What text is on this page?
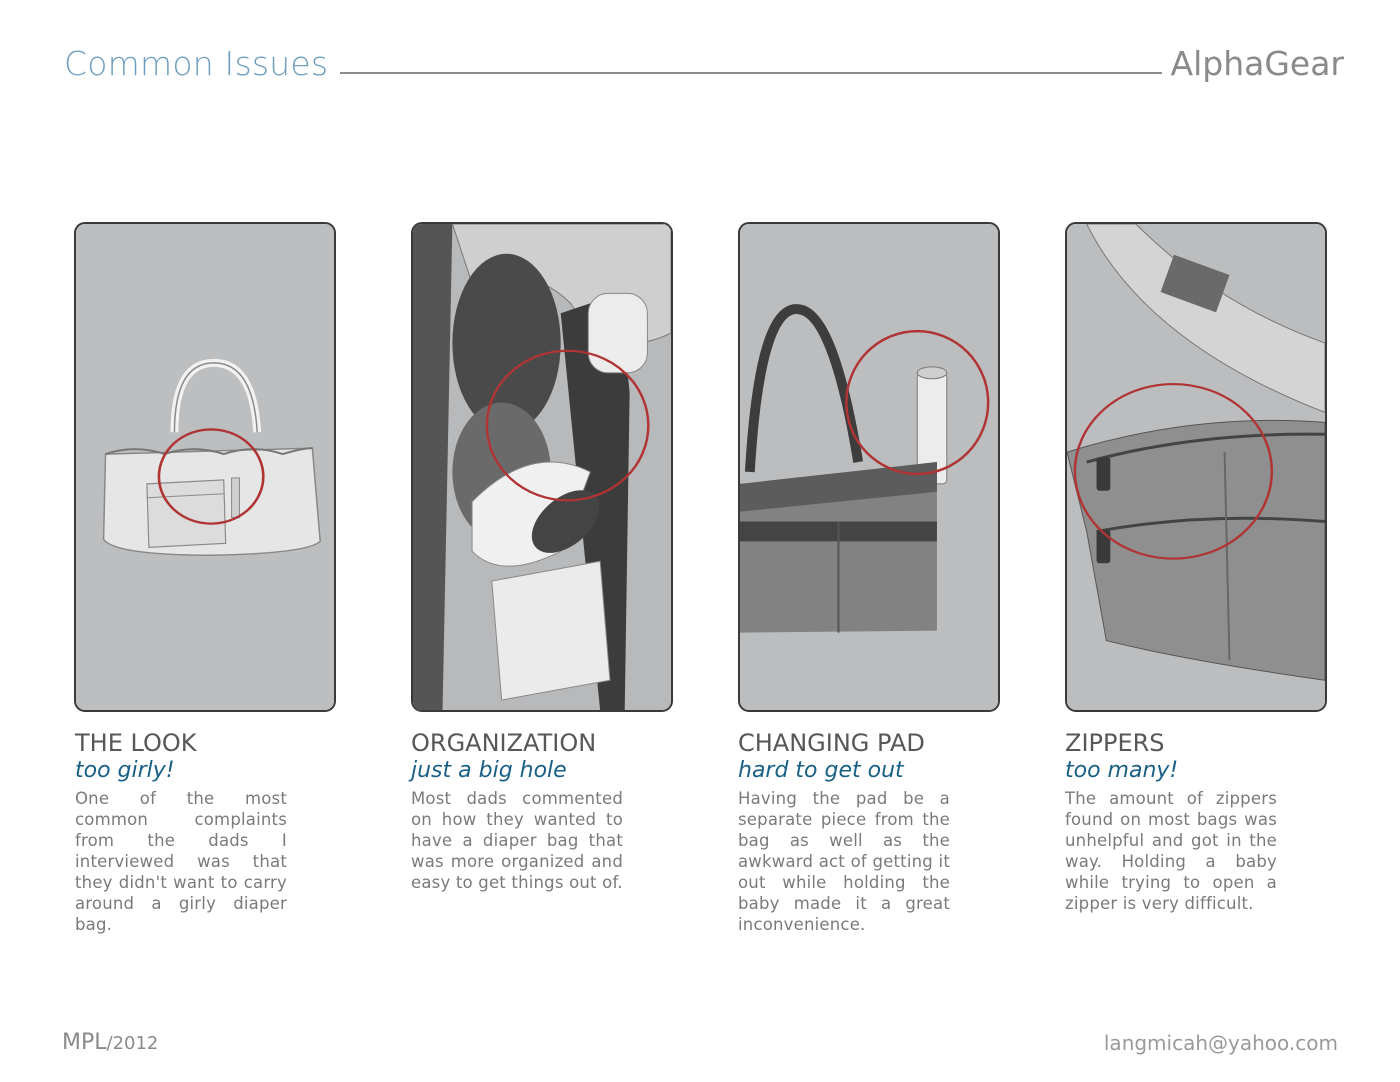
Common Issues	AlphaGear

THE LOOK

too girly!

One of the most common complaints from the dads I interviewed was that they didn't want to carry around a girly diaper bag.

ORGANIZATION

just a big hole

Most dads commented on how they wanted to have a diaper bag that was more organized and easy to get things out of.

CHANGING PAD

hard to get out

Having the pad be a separate piece from the bag as well as the awkward act of getting it out while holding the baby made it a great inconvenience.

ZIPPERS

too many!

The amount of zippers found on most bags was unhelpful and got in the way. Holding a baby while trying to open a zipper is very difficult.

MPL/2012	langmicah@yahoo.com
